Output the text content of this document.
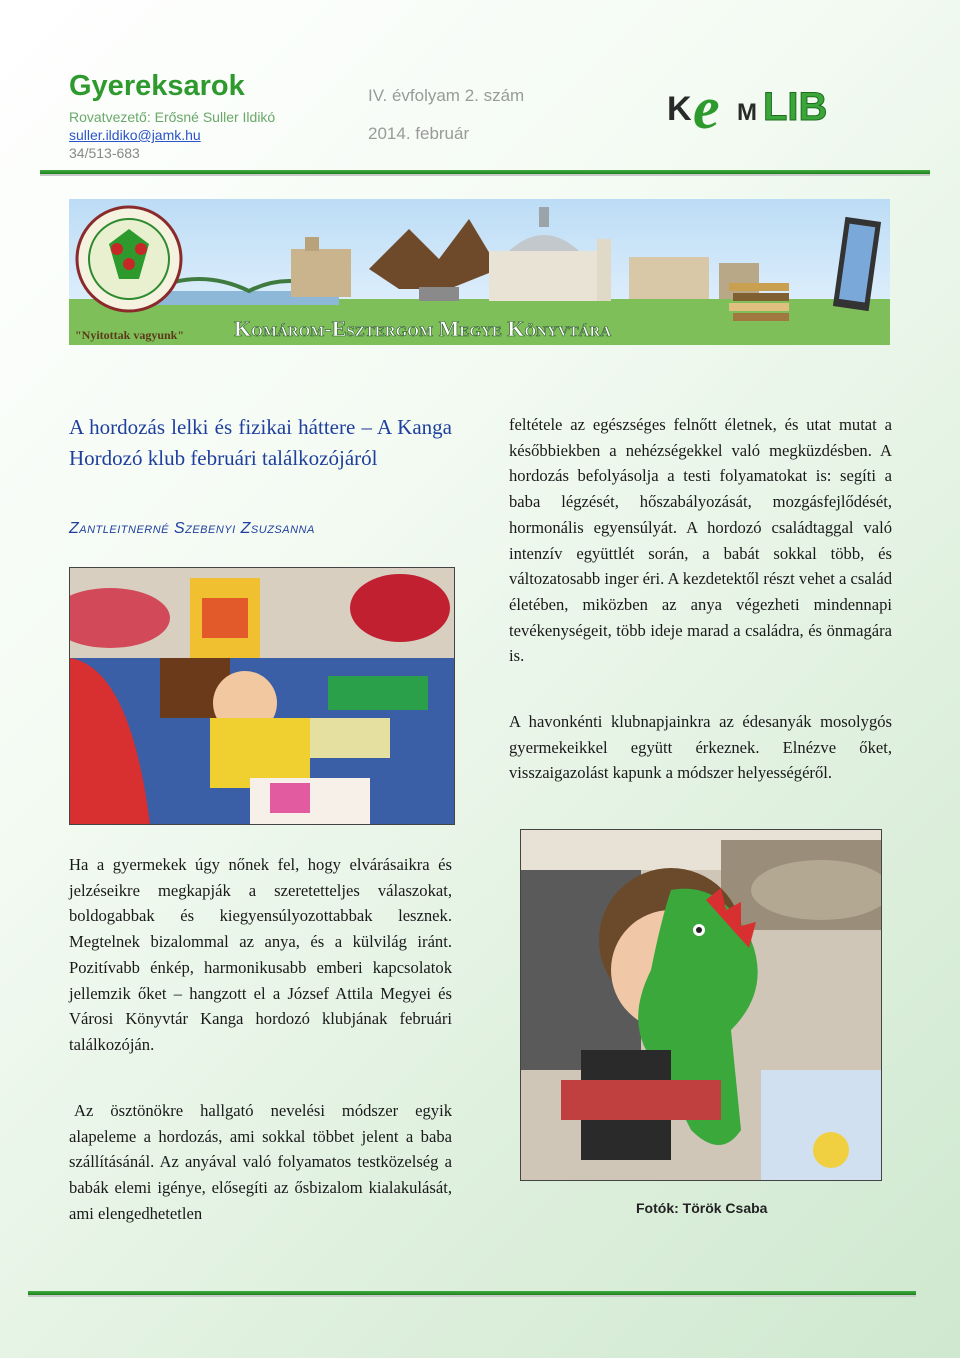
Gyereksarok
Rovatvezető: Erősné Suller Ildikó
suller.ildiko@jamk.hu
34/513-683
IV. évfolyam 2. szám
2014. február
K e M LIB
"Nyitottak vagyunk" Komárom-Esztergom Megye Könyvtára
A hordozás lelki és fizikai háttere – A Kanga Hordozó klub februári találkozójáról
Zantleitnerné Szebenyi Zsuzsanna

Ha a gyermekek úgy nőnek fel, hogy elvárásaikra és jelzéseikre megkapják a szeretetteljes válaszokat, boldogabbak és kiegyensúlyozottabbak lesznek. Megtelnek bizalommal az anya, és a külvilág iránt. Pozitívabb énkép, harmonikusabb emberi kapcsolatok jellemzik őket – hangzott el a József Attila Megyei és Városi Könyvtár Kanga hordozó klubjának februári találkozóján.

Az ösztönökre hallgató nevelési módszer egyik alapeleme a hordozás, ami sokkal többet jelent a baba szállításánál. Az anyával való folyamatos testközelség a babák elemi igénye, elősegíti az ősbizalom kialakulását, ami elengedhetetlen

feltétele az egészséges felnőtt életnek, és utat mutat a későbbiekben a nehézségekkel való megküzdésben. A hordozás befolyásolja a testi folyamatokat is: segíti a baba légzését, hőszabályozását, mozgásfejlődését, hormonális egyensúlyát. A hordozó családtaggal való intenzív együttlét során, a babát sokkal több, és változatosabb inger éri. A kezdetektől részt vehet a család életében, miközben az anya végezheti mindennapi tevékenységeit, több ideje marad a családra, és önmagára is.

A havonkénti klubnapjainkra az édesanyák mosolygós gyermekeikkel együtt érkeznek. Elnézve őket, visszaigazolást kapunk a módszer helyességéről.

Fotók: Török Csaba
